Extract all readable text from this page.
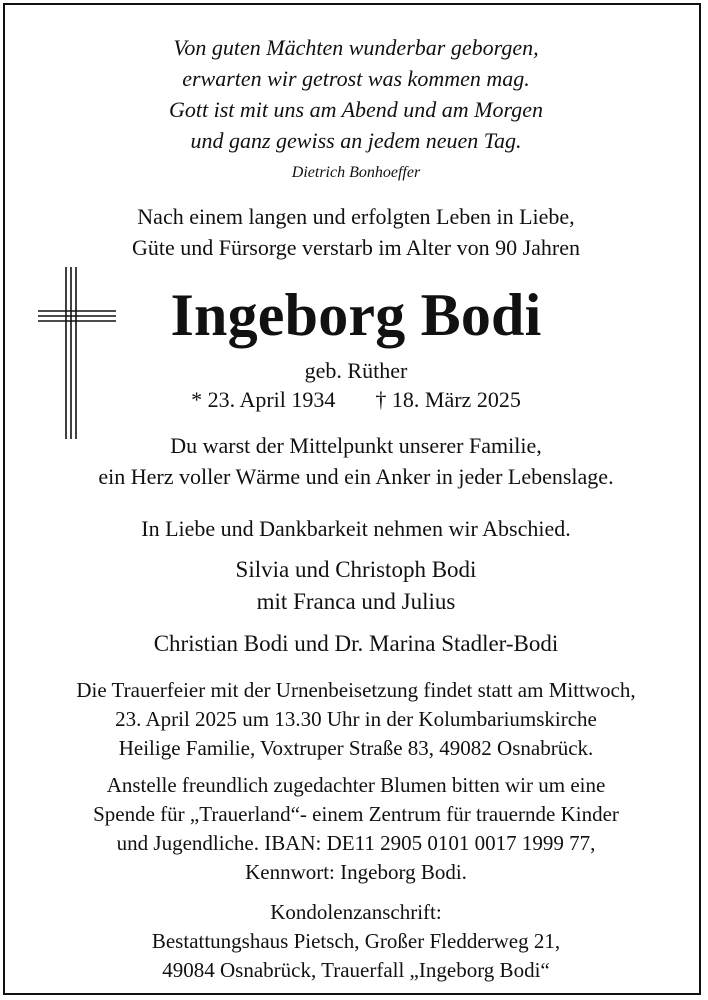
Von guten Mächten wunderbar geborgen,
erwarten wir getrost was kommen mag.
Gott ist mit uns am Abend und am Morgen
und ganz gewiss an jedem neuen Tag.
Dietrich Bonhoeffer
Nach einem langen und erfolgten Leben in Liebe,
Güte und Fürsorge verstarb im Alter von 90 Jahren
Ingeborg Bodi
geb. Rüther
* 23. April 1934 † 18. März 2025
Du warst der Mittelpunkt unserer Familie,
ein Herz voller Wärme und ein Anker in jeder Lebenslage.
In Liebe und Dankbarkeit nehmen wir Abschied.
Silvia und Christoph Bodi
mit Franca und Julius
Christian Bodi und Dr. Marina Stadler-Bodi
Die Trauerfeier mit der Urnenbeisetzung findet statt am Mittwoch,
23. April 2025 um 13.30 Uhr in der Kolumbariumskirche
Heilige Familie, Voxtruper Straße 83, 49082 Osnabrück.
Anstelle freundlich zugedachter Blumen bitten wir um eine
Spende für „Trauerland“- einem Zentrum für trauernde Kinder
und Jugendliche. IBAN: DE11 2905 0101 0017 1999 77,
Kennwort: Ingeborg Bodi.
Kondolenzanschrift:
Bestattungshaus Pietsch, Großer Fledderweg 21,
49084 Osnabrück, Trauerfall „Ingeborg Bodi“
